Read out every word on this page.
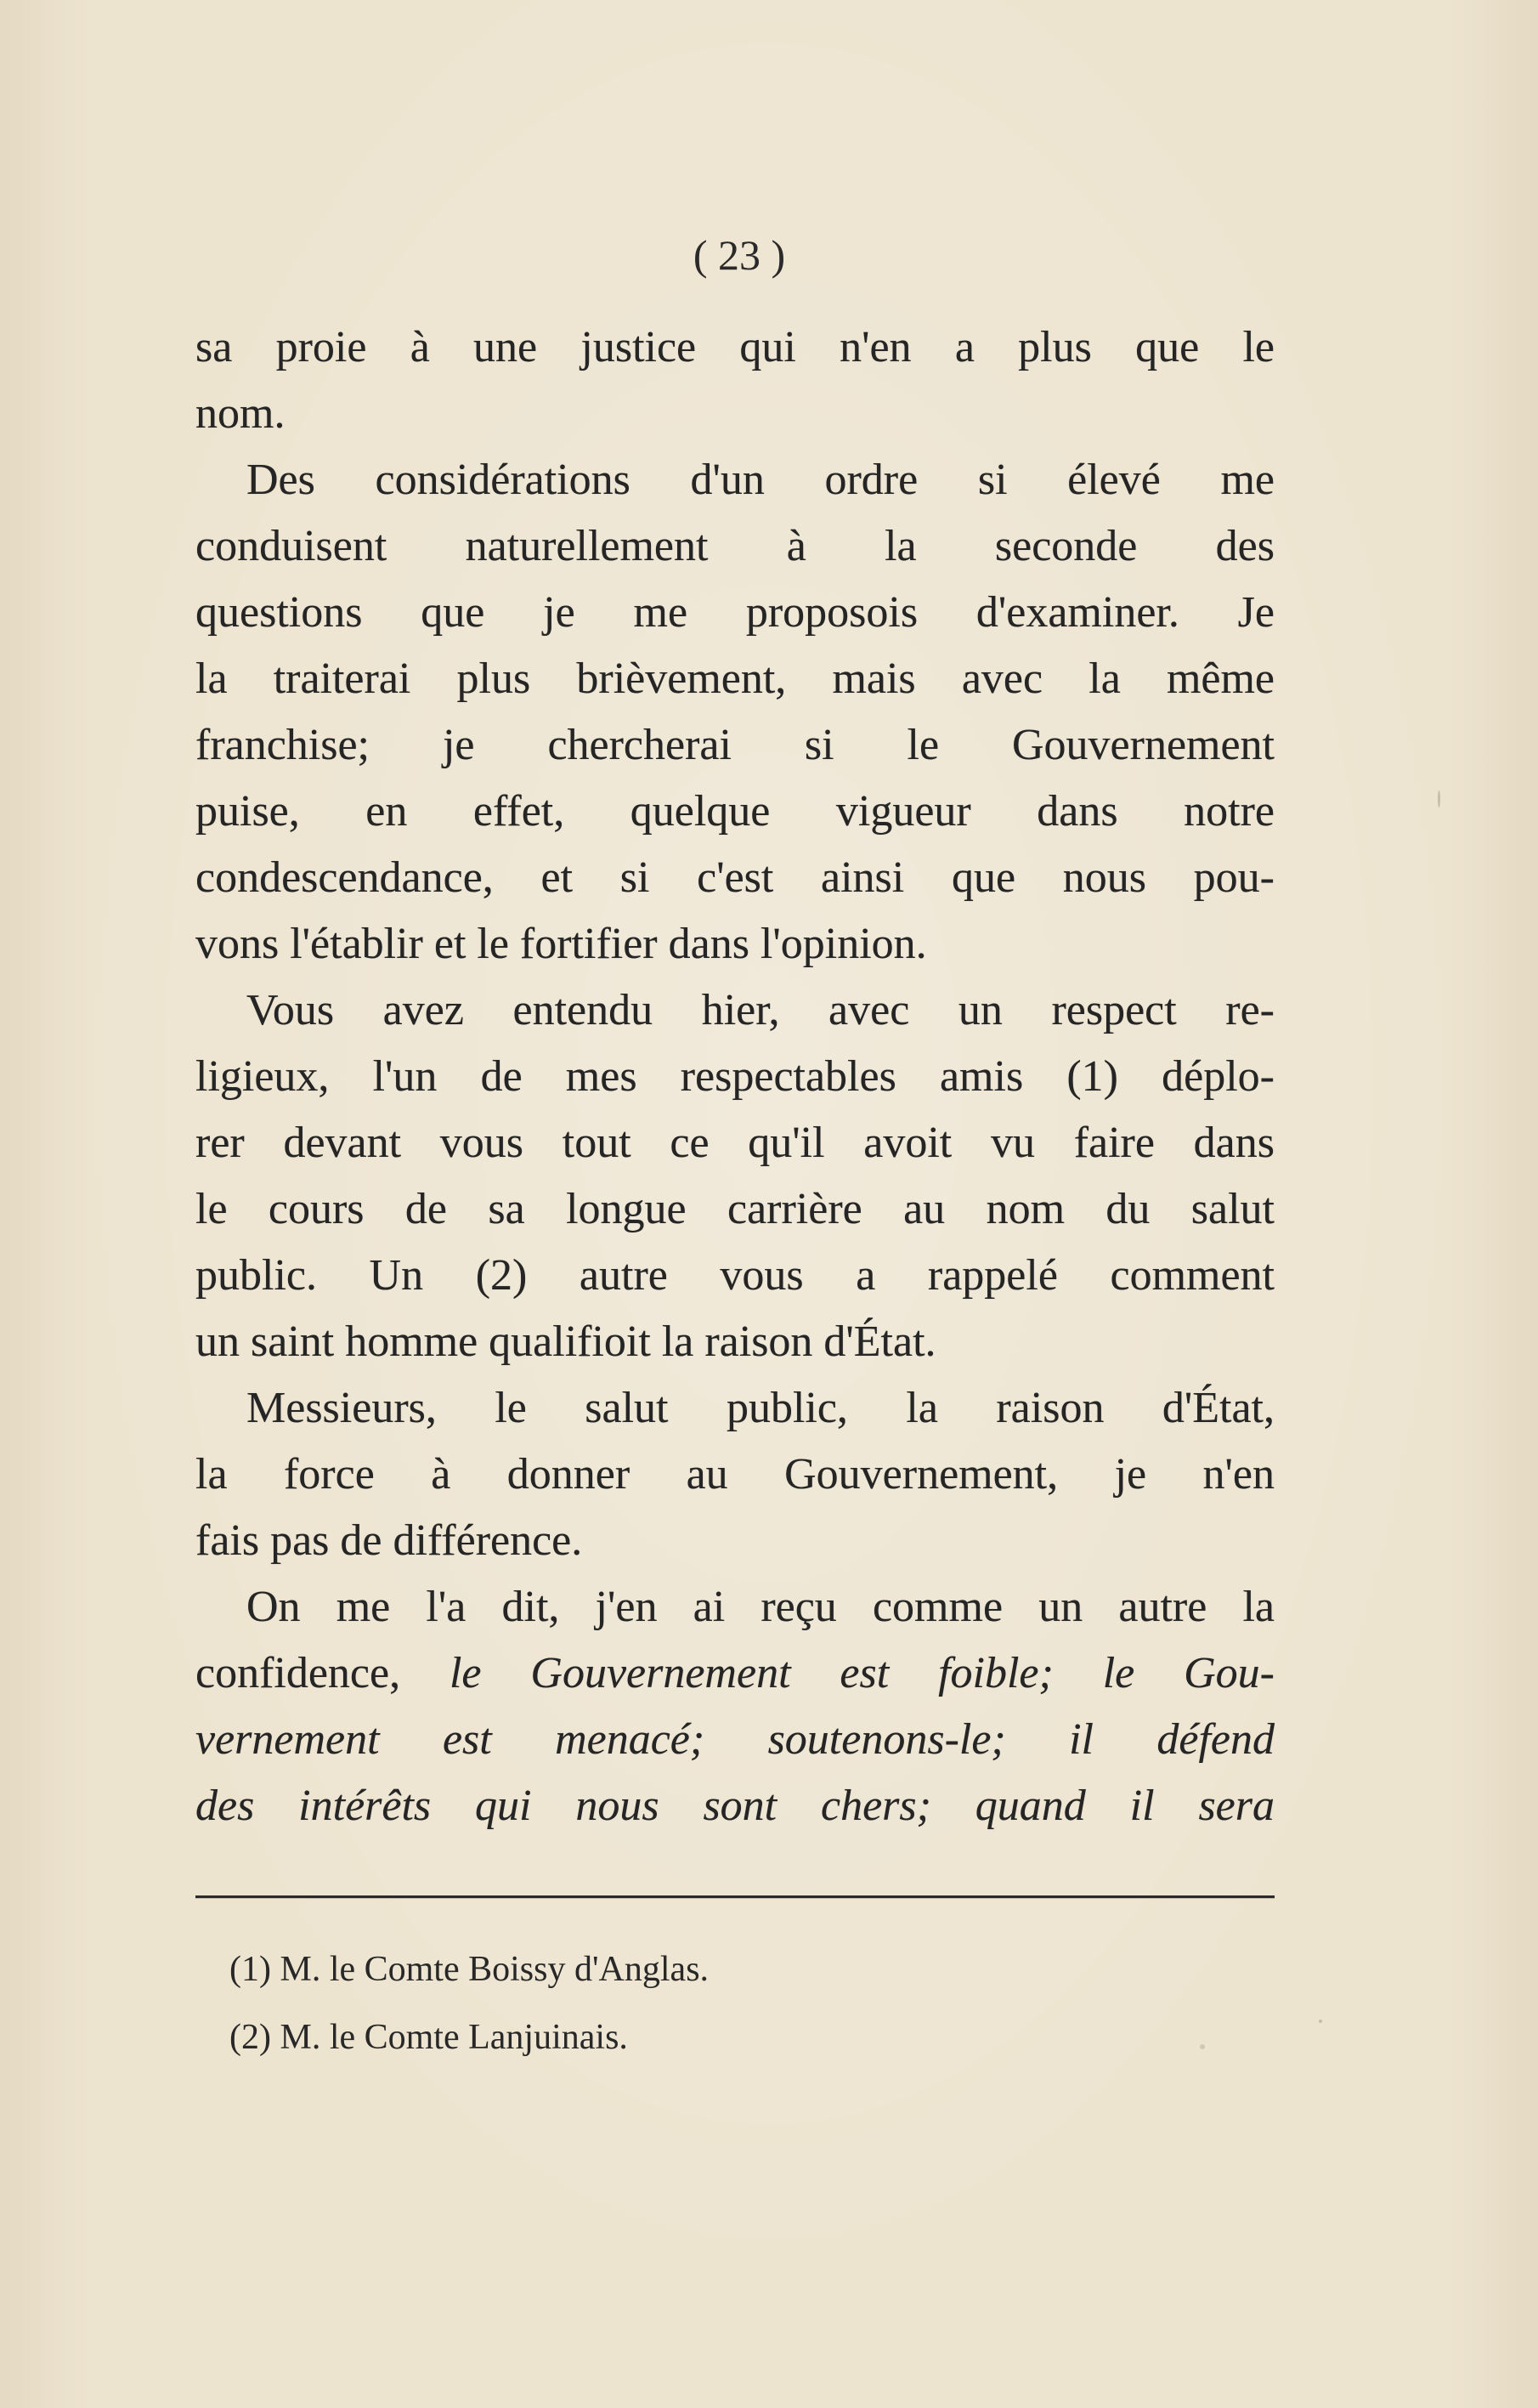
( 23 )
sa proie à une justice qui n'en a plus que le
nom.
Des considérations d'un ordre si élevé me
conduisent naturellement à la seconde des
questions que je me proposois d'examiner. Je
la traiterai plus brièvement, mais avec la même
franchise; je chercherai si le Gouvernement
puise, en effet, quelque vigueur dans notre
condescendance, et si c'est ainsi que nous pou-
vons l'établir et le fortifier dans l'opinion.
Vous avez entendu hier, avec un respect re-
ligieux, l'un de mes respectables amis (1) déplo-
rer devant vous tout ce qu'il avoit vu faire dans
le cours de sa longue carrière au nom du salut
public. Un (2) autre vous a rappelé comment
un saint homme qualifioit la raison d'État.
Messieurs, le salut public, la raison d'État,
la force à donner au Gouvernement, je n'en
fais pas de différence.
On me l'a dit, j'en ai reçu comme un autre la
confidence, le Gouvernement est foible; le Gou-
vernement est menacé; soutenons-le; il défend
des intérêts qui nous sont chers; quand il sera
(1) M. le Comte Boissy d'Anglas.
(2) M. le Comte Lanjuinais.
